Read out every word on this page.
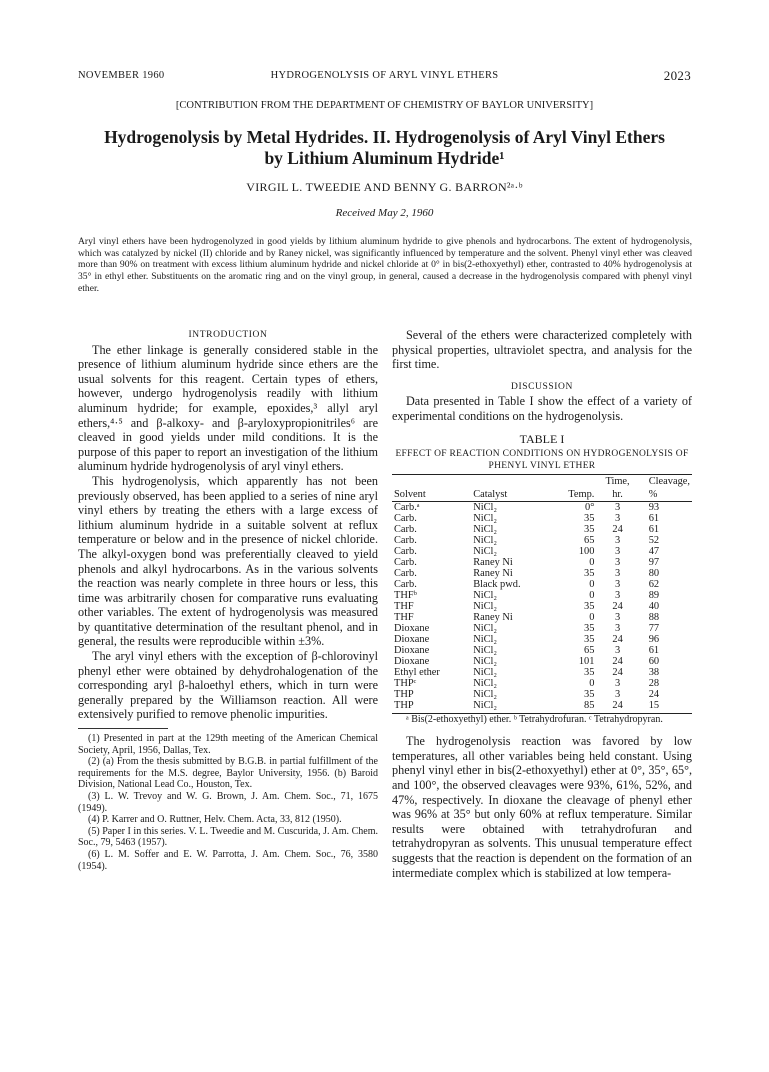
NOVEMBER 1960	HYDROGENOLYSIS OF ARYL VINYL ETHERS	2023
[CONTRIBUTION FROM THE DEPARTMENT OF CHEMISTRY OF BAYLOR UNIVERSITY]
Hydrogenolysis by Metal Hydrides. II. Hydrogenolysis of Aryl Vinyl Ethers
by Lithium Aluminum Hydride¹
VIRGIL L. TWEEDIE AND BENNY G. BARRON²ᵃ·ᵇ
Received May 2, 1960
Aryl vinyl ethers have been hydrogenolyzed in good yields by lithium aluminum hydride to give phenols and hydrocarbons. The extent of hydrogenolysis, which was catalyzed by nickel (II) chloride and by Raney nickel, was significantly influenced by temperature and the solvent. Phenyl vinyl ether was cleaved more than 90% on treatment with excess lithium aluminum hydride and nickel chloride at 0° in bis(2-ethoxyethyl) ether, contrasted to 40% hydrogenolysis at 35° in ethyl ether. Substituents on the aromatic ring and on the vinyl group, in general, caused a decrease in the hydrogenolysis compared with phenyl vinyl ether.

INTRODUCTION

The ether linkage is generally considered stable in the presence of lithium aluminum hydride since ethers are the usual solvents for this reagent. Certain types of ethers, however, undergo hydrogenolysis readily with lithium aluminum hydride; for example, epoxides,³ allyl aryl ethers,⁴·⁵ and β-alkoxy- and β-aryloxypropionitriles⁶ are cleaved in good yields under mild conditions. It is the purpose of this paper to report an investigation of the lithium aluminum hydride hydrogenolysis of aryl vinyl ethers.

This hydrogenolysis, which apparently has not been previously observed, has been applied to a series of nine aryl vinyl ethers by treating the ethers with a large excess of lithium aluminum hydride in a suitable solvent at reflux temperature or below and in the presence of nickel chloride. The alkyl-oxygen bond was preferentially cleaved to yield phenols and alkyl hydrocarbons. As in the various solvents the reaction was nearly complete in three hours or less, this time was arbitrarily chosen for comparative runs evaluating other variables. The extent of hydrogenolysis was measured by quantitative determination of the resultant phenol, and in general, the results were reproducible within ±3%.

The aryl vinyl ethers with the exception of β-chlorovinyl phenyl ether were obtained by dehydrohalogenation of the corresponding aryl β-haloethyl ethers, which in turn were generally prepared by the Williamson reaction. All were extensively purified to remove phenolic impurities.

(1) Presented in part at the 129th meeting of the American Chemical Society, April, 1956, Dallas, Tex.

(2) (a) From the thesis submitted by B.G.B. in partial fulfillment of the requirements for the M.S. degree, Baylor University, 1956. (b) Baroid Division, National Lead Co., Houston, Tex.

(3) L. W. Trevoy and W. G. Brown, J. Am. Chem. Soc., 71, 1675 (1949).

(4) P. Karrer and O. Ruttner, Helv. Chem. Acta, 33, 812 (1950).

(5) Paper I in this series. V. L. Tweedie and M. Cuscurida, J. Am. Chem. Soc., 79, 5463 (1957).

(6) L. M. Soffer and E. W. Parrotta, J. Am. Chem. Soc., 76, 3580 (1954).

Several of the ethers were characterized completely with physical properties, ultraviolet spectra, and analysis for the first time.

DISCUSSION

Data presented in Table I show the effect of a variety of experimental conditions on the hydrogenolysis.

TABLE I
EFFECT OF REACTION CONDITIONS ON HYDROGENOLYSIS OF
PHENYL VINYL ETHER
			Time,	Cleavage,
Solvent	Catalyst	Temp.	hr.	%
Carb.ᵃ	NiCl₂	0°	3	93
Carb.	NiCl₂	35	3	61
Carb.	NiCl₂	35	24	61
Carb.	NiCl₂	65	3	52
Carb.	NiCl₂	100	3	47
Carb.	Raney Ni	0	3	97
Carb.	Raney Ni	35	3	80
Carb.	Black pwd.	0	3	62
THFᵇ	NiCl₂	0	3	89
THF	NiCl₂	35	24	40
THF	Raney Ni	0	3	88
Dioxane	NiCl₂	35	3	77
Dioxane	NiCl₂	35	24	96
Dioxane	NiCl₂	65	3	61
Dioxane	NiCl₂	101	24	60
Ethyl ether	NiCl₂	35	24	38
THPᶜ	NiCl₂	0	3	28
THP	NiCl₂	35	3	24
THP	NiCl₂	85	24	15

ᵃ Bis(2-ethoxyethyl) ether. ᵇ Tetrahydrofuran. ᶜ Tetrahydropyran.

The hydrogenolysis reaction was favored by low temperatures, all other variables being held constant. Using phenyl vinyl ether in bis(2-ethoxyethyl) ether at 0°, 35°, 65°, and 100°, the observed cleavages were 93%, 61%, 52%, and 47%, respectively. In dioxane the cleavage of phenyl ether was 96% at 35° but only 60% at reflux temperature. Similar results were obtained with tetrahydrofuran and tetrahydropyran as solvents. This unusual temperature effect suggests that the reaction is dependent on the formation of an intermediate complex which is stabilized at low tempera-
